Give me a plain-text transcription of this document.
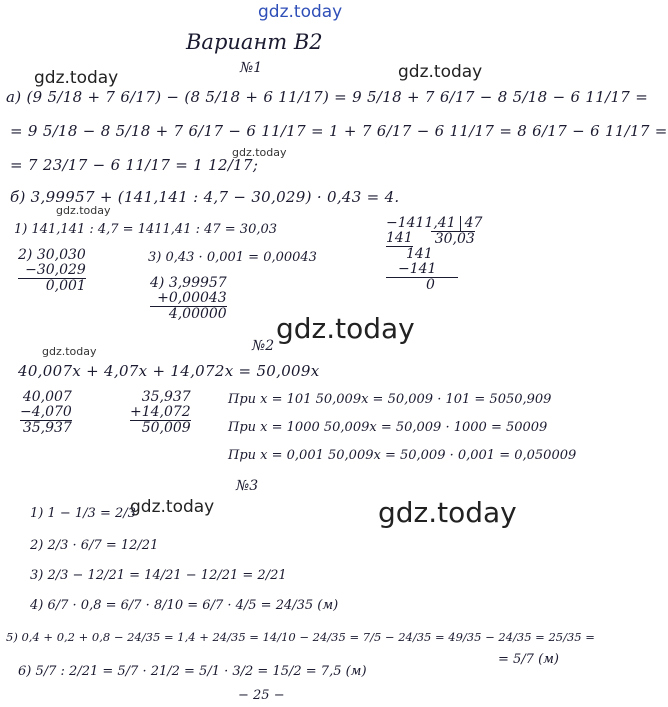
gdz.today
gdz.today	gdz.today
gdz.today
gdz.today
gdz.today
gdz.today
gdz.today	gdz.today
Вариант В2
№1
а) (9 5/18 + 7 6/17) − (8 5/18 + 6 11/17) = 9 5/18 + 7 6/17 − 8 5/18 − 6 11/17 =
= 9 5/18 − 8 5/18 + 7 6/17 − 6 11/17 = 1 + 7 6/17 − 6 11/17 = 8 6/17 − 6 11/17 =
= 7 23/17 − 6 11/17 = 1 12/17;
б) 3,99957 + (141,141 : 4,7 − 30,029) · 0,43 = 4.
1) 141,141 : 4,7 = 1411,41 : 47 = 30,03
2) 30,030
−30,029
0,001
3) 0,43 · 0,001 = 0,00043
4) 3,99957
+0,00043
4,00000
−1411,41 47
141 30,03
141
−141
0
№2
40,007x + 4,07x + 14,072x = 50,009x
40,007
−4,070
35,937
35,937
+14,072
50,009
При x = 101 50,009x = 50,009 · 101 = 5050,909
При x = 1000 50,009x = 50,009 · 1000 = 50009
При x = 0,001 50,009x = 50,009 · 0,001 = 0,050009
№3
1) 1 − 1/3 = 2/3
2) 2/3 · 6/7 = 12/21
3) 2/3 − 12/21 = 14/21 − 12/21 = 2/21
4) 6/7 · 0,8 = 6/7 · 8/10 = 6/7 · 4/5 = 24/35 (м)
5) 0,4 + 0,2 + 0,8 − 24/35 = 1,4 + 24/35 = 14/10 − 24/35 = 7/5 − 24/35 = 49/35 − 24/35 = 25/35 =
= 5/7 (м)
6) 5/7 : 2/21 = 5/7 · 21/2 = 5/1 · 3/2 = 15/2 = 7,5 (м)
− 25 −
